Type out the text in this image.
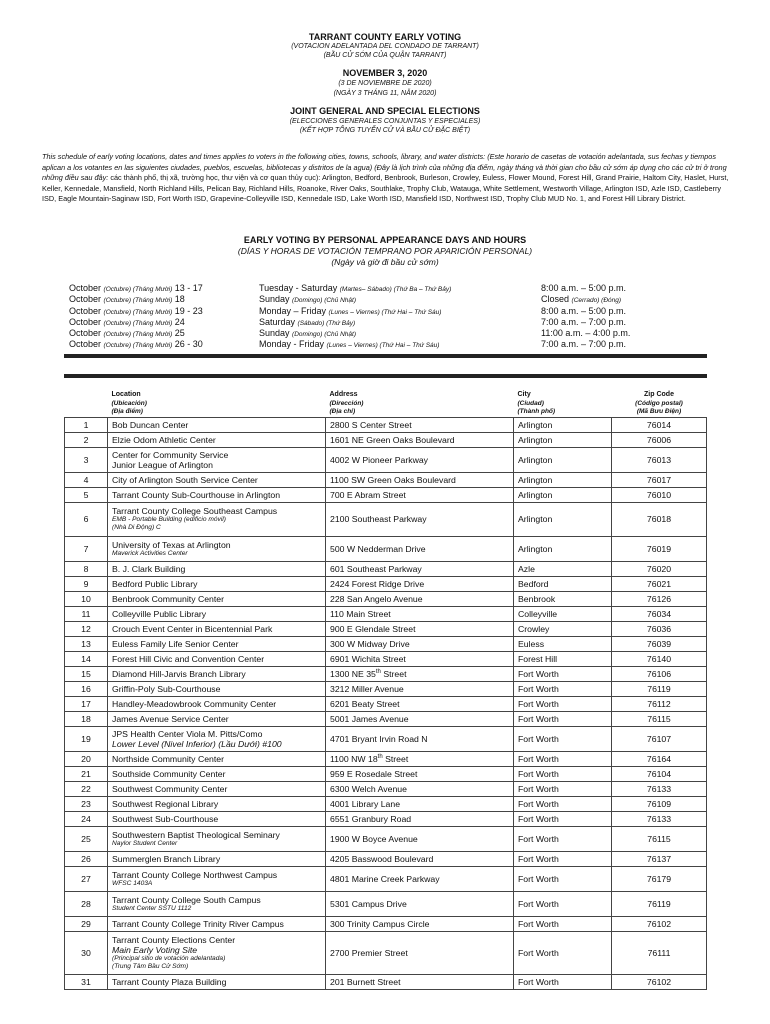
TARRANT COUNTY EARLY VOTING
(VOTACION ADELANTADA DEL CONDADO DE TARRANT)
(BẦU CỬ SỚM CỦA QUẬN TARRANT)
NOVEMBER 3, 2020
(3 DE NOVIEMBRE DE 2020)
(NGÀY 3 THÁNG 11, NĂM 2020)
JOINT GENERAL AND SPECIAL ELECTIONS
(ELECCIONES GENERALES CONJUNTAS Y ESPECIALES)
(KẾT HỢP TỔNG TUYỂN CỬ VÀ BẦU CỬ ĐẶC BIỆT)
This schedule of early voting locations, dates and times applies to voters in the following cities, towns, schools, library, and water districts: (Este horario de casetas de votación adelantada, sus fechas y tiempos aplican a los votantes en las siguientes ciudades, pueblos, escuelas, bibliotecas y distritos de la agua) (Đây là lịch trình của những địa điểm, ngày tháng và thời gian cho bầu cử sớm áp dụng cho các cử tri ở trong những điều sau đây: các thành phố, thị xã, trường học, thư viện và cơ quan thủy cục): Arlington, Bedford, Benbrook, Burleson, Crowley, Euless, Flower Mound, Forest Hill, Grand Prairie, Haltom City, Haslet, Hurst, Keller, Kennedale, Mansfield, North Richland Hills, Pelican Bay, Richland Hills, Roanoke, River Oaks, Southlake, Trophy Club, Watauga, White Settlement, Westworth Village, Arlington ISD, Azle ISD, Castleberry ISD, Eagle Mountain-Saginaw ISD, Fort Worth ISD, Grapevine-Colleyville ISD, Kennedale ISD, Lake Worth ISD, Mansfield ISD, Northwest ISD, Trophy Club MUD No. 1, and Forest Hill Library District.
EARLY VOTING BY PERSONAL APPEARANCE DAYS AND HOURS
(DÍAS Y HORAS DE VOTACIÓN TEMPRANO POR APARICIÓN PERSONAL)
(Ngày và giờ đi bầu cử sớm)
October (Octubre) (Tháng Mười) 13 - 17	Tuesday - Saturday (Martes– Sábado) (Thứ Ba – Thứ Bảy)	8:00 a.m. – 5:00 p.m.
October (Octubre) (Tháng Mười) 18	Sunday (Domingo) (Chủ Nhật)	Closed (Cerrado) (Đóng)
October (Octubre) (Tháng Mười) 19 - 23	Monday – Friday (Lunes – Viernes) (Thứ Hai – Thứ Sáu)	8:00 a.m. – 5:00 p.m.
October (Octubre) (Tháng Mười) 24	Saturday (Sábado) (Thứ Bảy)	7:00 a.m. – 7:00 p.m.
October (Octubre) (Tháng Mười) 25	Sunday (Domingo) (Chủ Nhật)	11:00 a.m. – 4:00 p.m.
October (Octubre) (Tháng Mười) 26 - 30	Monday - Friday (Lunes – Viernes) (Thứ Hai – Thứ Sáu)	7:00 a.m. – 7:00 p.m.
	Location
(Ubicación)
(Địa điểm)	Address
(Dirección)
(Địa chỉ)	City
(Ciudad)
(Thành phố)	Zip Code
(Código postal)
(Mã Bưu Điện)
1	Bob Duncan Center	2800 S Center Street	Arlington	76014
2	Elzie Odom Athletic Center	1601 NE Green Oaks Boulevard	Arlington	76006
3	Center for Community Service
Junior League of Arlington	4002 W Pioneer Parkway	Arlington	76013
4	City of Arlington South Service Center	1100 SW Green Oaks Boulevard	Arlington	76017
5	Tarrant County Sub-Courthouse in Arlington	700 E Abram Street	Arlington	76010
6	Tarrant County College Southeast Campus
EMB - Portable Building (edificio móvil)
(Nhà Di Động) C	2100 Southeast Parkway	Arlington	76018
7	University of Texas at Arlington
Maverick Activities Center	500 W Nedderman Drive	Arlington	76019
8	B. J. Clark Building	601 Southeast Parkway	Azle	76020
9	Bedford Public Library	2424 Forest Ridge Drive	Bedford	76021
10	Benbrook Community Center	228 San Angelo Avenue	Benbrook	76126
11	Colleyville Public Library	110 Main Street	Colleyville	76034
12	Crouch Event Center in Bicentennial Park	900 E Glendale Street	Crowley	76036
13	Euless Family Life Senior Center	300 W Midway Drive	Euless	76039
14	Forest Hill Civic and Convention Center	6901 Wichita Street	Forest Hill	76140
15	Diamond Hill-Jarvis Branch Library	1300 NE 35th Street	Fort Worth	76106
16	Griffin-Poly Sub-Courthouse	3212 Miller Avenue	Fort Worth	76119
17	Handley-Meadowbrook Community Center	6201 Beaty Street	Fort Worth	76112
18	James Avenue Service Center	5001 James Avenue	Fort Worth	76115
19	JPS Health Center Viola M. Pitts/Como
Lower Level (Nivel Inferior) (Lầu Dưới) #100	4701 Bryant Irvin Road N	Fort Worth	76107
20	Northside Community Center	1100 NW 18th Street	Fort Worth	76164
21	Southside Community Center	959 E Rosedale Street	Fort Worth	76104
22	Southwest Community Center	6300 Welch Avenue	Fort Worth	76133
23	Southwest Regional Library	4001 Library Lane	Fort Worth	76109
24	Southwest Sub-Courthouse	6551 Granbury Road	Fort Worth	76133
25	Southwestern Baptist Theological Seminary
Naylor Student Center	1900 W Boyce Avenue	Fort Worth	76115
26	Summerglen Branch Library	4205 Basswood Boulevard	Fort Worth	76137
27	Tarrant County College Northwest Campus
WFSC 1403A	4801 Marine Creek Parkway	Fort Worth	76179
28	Tarrant County College South Campus
Student Center SSTU 1112	5301 Campus Drive	Fort Worth	76119
29	Tarrant County College Trinity River Campus	300 Trinity Campus Circle	Fort Worth	76102
30	Tarrant County Elections Center
Main Early Voting Site
(Principal sitio de votación adelantada)
(Trung Tâm Bầu Cử Sớm)	2700 Premier Street	Fort Worth	76111
31	Tarrant County Plaza Building	201 Burnett Street	Fort Worth	76102
